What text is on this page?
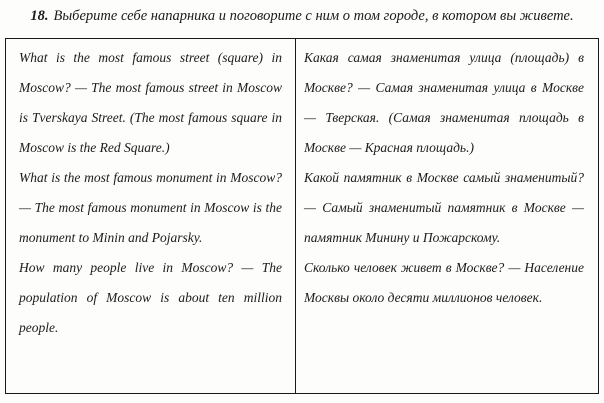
18. Выберите себе напарника и поговорите с ним о том городе, в котором вы живете.

What is the most famous street (square) in Moscow? — The most famous street in Moscow is Tverskaya Street. (The most famous square in Moscow is the Red Square.)

What is the most famous monument in Moscow? — The most famous monument in Moscow is the monument to Minin and Pojarsky.

How many people live in Moscow? — The population of Moscow is about ten million people.

Какая самая знаменитая улица (площадь) в Москве? — Самая знаменитая улица в Москве — Тверская. (Самая знаменитая площадь в Москве — Красная площадь.)

Какой памятник в Москве самый знаменитый? — Самый знаменитый памятник в Москве — памятник Минину и Пожарскому.

Сколько человек живет в Москве? — Население Москвы около десяти миллионов человек.
